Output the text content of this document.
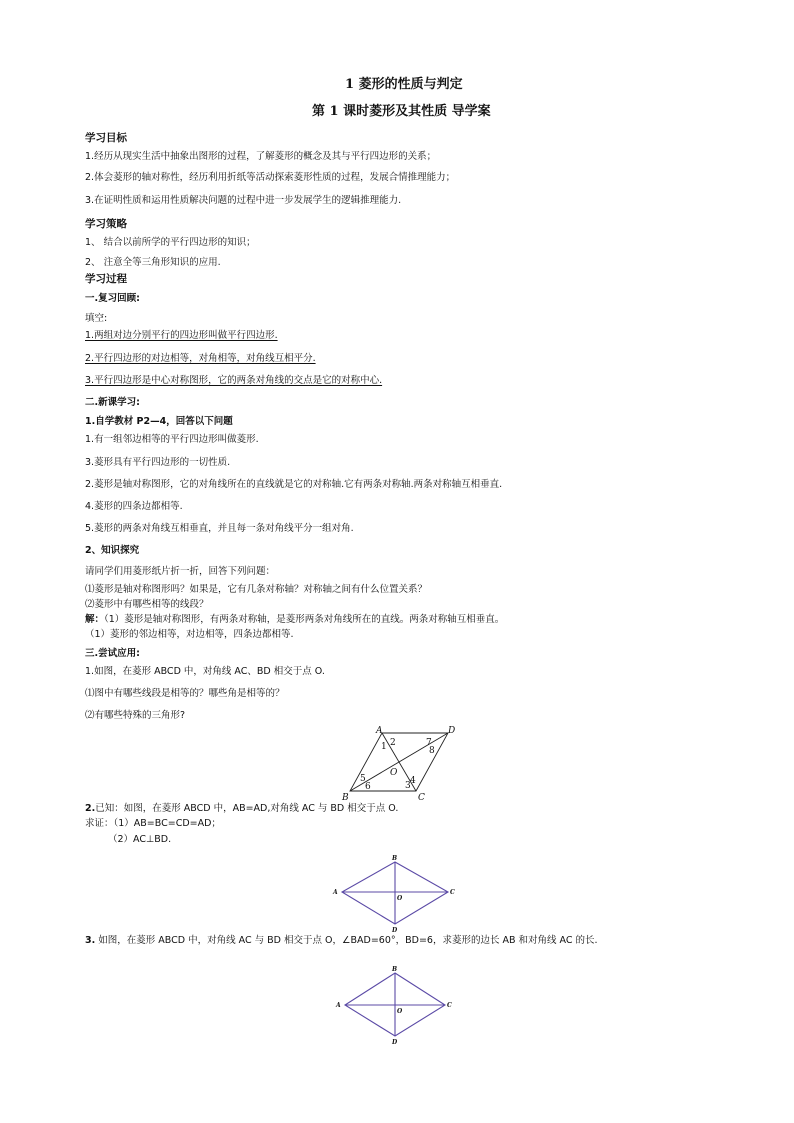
1 菱形的性质与判定
第 1 课时菱形及其性质 导学案
学习目标
1.经历从现实生活中抽象出图形的过程，了解菱形的概念及其与平行四边形的关系；
2.体会菱形的轴对称性，经历利用折纸等活动探索菱形性质的过程，发展合情推理能力；
3.在证明性质和运用性质解决问题的过程中进一步发展学生的逻辑推理能力.
学习策略
1、 结合以前所学的平行四边形的知识；
2、 注意全等三角形知识的应用.
学习过程
一.复习回顾:
填空:
1.两组对边分别平行的四边形叫做平行四边形.
2.平行四边形的对边相等，对角相等，对角线互相平分.
3.平行四边形是中心对称图形，它的两条对角线的交点是它的对称中心.
二.新课学习:
1.自学教材 P2—4，回答以下问题
1.有一组邻边相等的平行四边形叫做菱形.
3.菱形具有平行四边形的一切性质.
2.菱形是轴对称图形，它的对角线所在的直线就是它的对称轴.它有两条对称轴.两条对称轴互相垂直.
4.菱形的四条边都相等.
5.菱形的两条对角线互相垂直，并且每一条对角线平分一组对角.
2、知识探究
请同学们用菱形纸片折一折，回答下列问题：
⑴菱形是轴对称图形吗？如果是，它有几条对称轴？对称轴之间有什么位置关系？
⑵菱形中有哪些相等的线段？
解：（1）菱形是轴对称图形，有两条对称轴，是菱形两条对角线所在的直线。两条对称轴互相垂直。
（1）菱形的邻边相等，对边相等，四条边都相等.
三.尝试应用:
1.如图，在菱形 ABCD 中，对角线 AC、BD 相交于点 O.
⑴图中有哪些线段是相等的？哪些角是相等的？
⑵有哪些特殊的三角形?
A
B	C
D
O
1 2
3 4
5
6
7
8
2.已知：如图，在菱形 ABCD 中，AB=AD,对角线 AC 与 BD 相交于点 O.
求证：（1）AB=BC=CD=AD；
（2）AC⊥BD.
A
B
C
D
O
3. 如图，在菱形 ABCD 中，对角线 AC 与 BD 相交于点 O，∠BAD=60°，BD=6，求菱形的边长 AB 和对角线 AC 的长.
A
B
C
D
O
